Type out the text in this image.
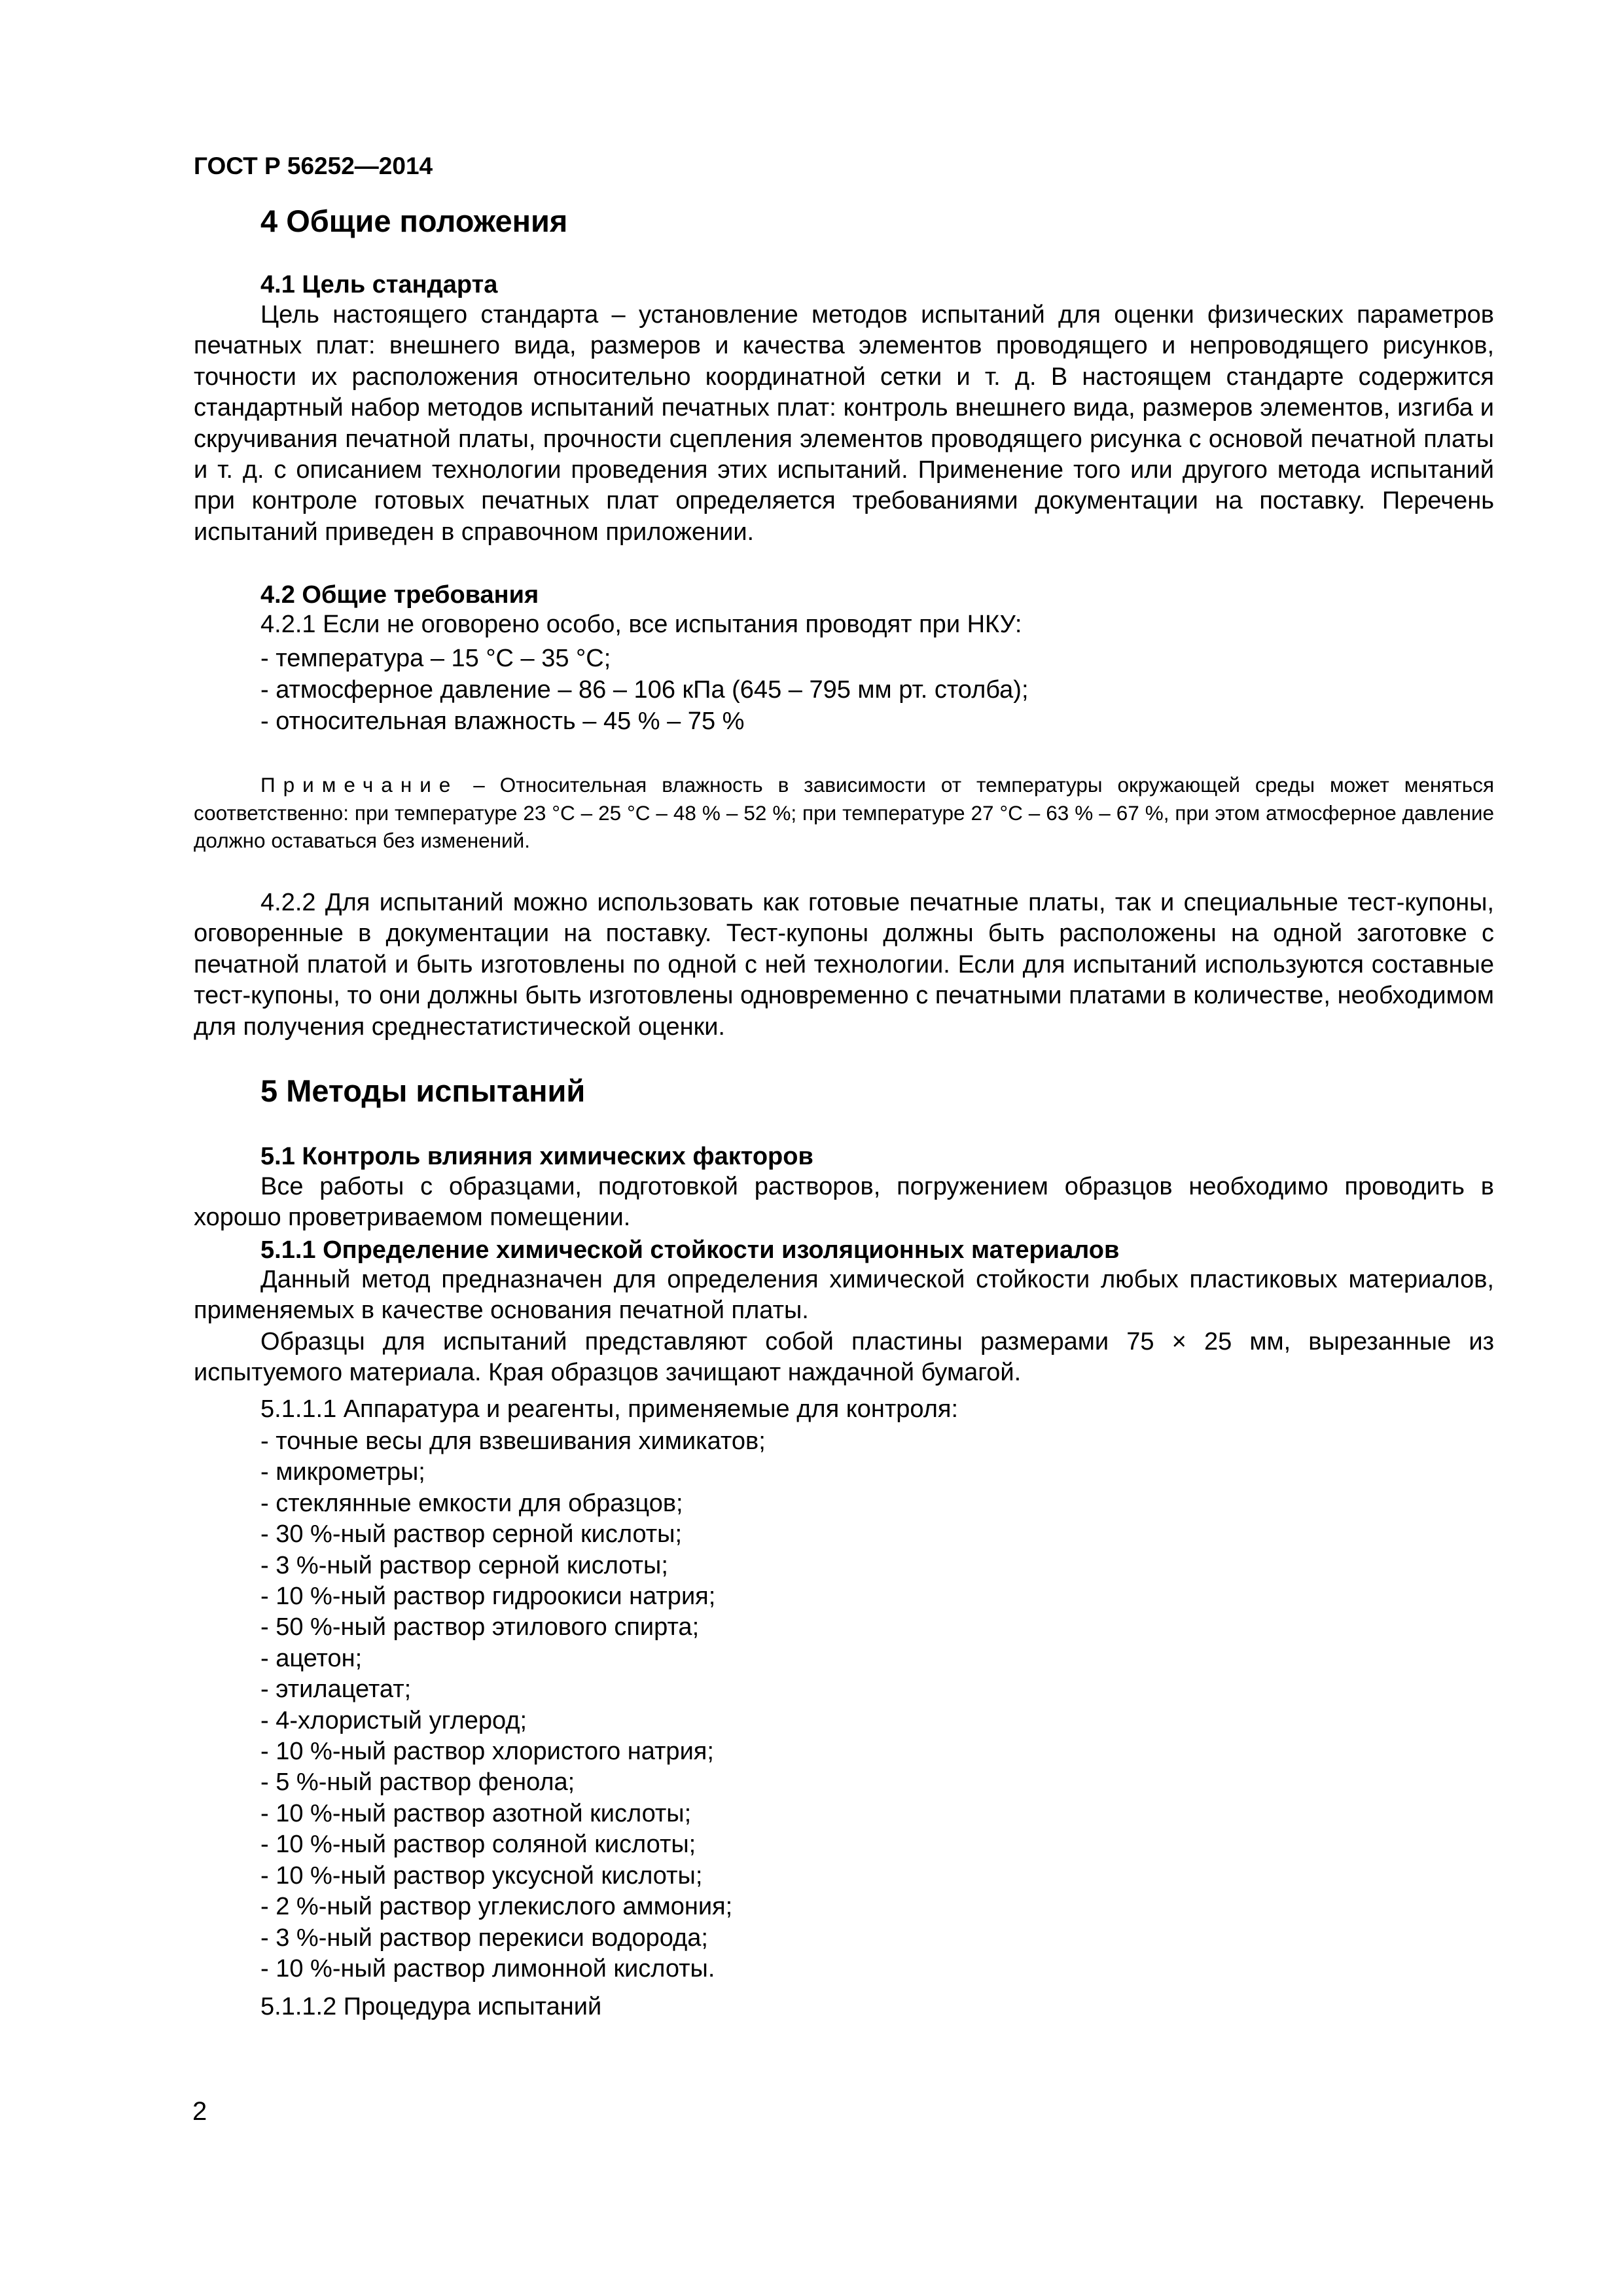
ГОСТ Р 56252—2014
4 Общие положения
4.1 Цель стандарта

Цель настоящего стандарта – установление методов испытаний для оценки физических параметров печатных плат: внешнего вида, размеров и качества элементов проводящего и непроводящего рисунков, точности их расположения относительно координатной сетки и т. д. В настоящем стандарте содержится стандартный набор методов испытаний печатных плат: контроль внешнего вида, размеров элементов, изгиба и скручивания печатной платы, прочности сцепления элементов проводящего рисунка с основой печатной платы и т. д. с описанием технологии проведения этих испытаний. Применение того или другого метода испытаний при контроле готовых печатных плат определяется требованиями документации на поставку. Перечень испытаний приведен в справочном приложении.

4.2 Общие требования
4.2.1 Если не оговорено особо, все испытания проводят при НКУ:
- температура – 15 °С – 35 °С;
- атмосферное давление – 86 – 106 кПа (645 – 795 мм рт. столба);
- относительная влажность – 45 % – 75 %

Примечание – Относительная влажность в зависимости от температуры окружающей среды может меняться соответственно: при температуре 23 °С – 25 °С – 48 % – 52 %; при температуре 27 °С – 63 % – 67 %, при этом атмосферное давление должно оставаться без изменений.

4.2.2 Для испытаний можно использовать как готовые печатные платы, так и специальные тест-купоны, оговоренные в документации на поставку. Тест-купоны должны быть расположены на одной заготовке с печатной платой и быть изготовлены по одной с ней технологии. Если для испытаний используются составные тест-купоны, то они должны быть изготовлены одновременно с печатными платами в количестве, необходимом для получения среднестатистической оценки.

5 Методы испытаний
5.1 Контроль влияния химических факторов

Все работы с образцами, подготовкой растворов, погружением образцов необходимо проводить в хорошо проветриваемом помещении.

5.1.1 Определение химической стойкости изоляционных материалов

Данный метод предназначен для определения химической стойкости любых пластиковых материалов, применяемых в качестве основания печатной платы.

Образцы для испытаний представляют собой пластины размерами 75 × 25 мм, вырезанные из испытуемого материала. Края образцов зачищают наждачной бумагой.

5.1.1.1 Аппаратура и реагенты, применяемые для контроля:
- точные весы для взвешивания химикатов;
- микрометры;
- стеклянные емкости для образцов;
- 30 %-ный раствор серной кислоты;
- 3 %-ный раствор серной кислоты;
- 10 %-ный раствор гидроокиси натрия;
- 50 %-ный раствор этилового спирта;
- ацетон;
- этилацетат;
- 4-хлористый углерод;
- 10 %-ный раствор хлористого натрия;
- 5 %-ный раствор фенола;
- 10 %-ный раствор азотной кислоты;
- 10 %-ный раствор соляной кислоты;
- 10 %-ный раствор уксусной кислоты;
- 2 %-ный раствор углекислого аммония;
- 3 %-ный раствор перекиси водорода;
- 10 %-ный раствор лимонной кислоты.
5.1.1.2 Процедура испытаний
2
